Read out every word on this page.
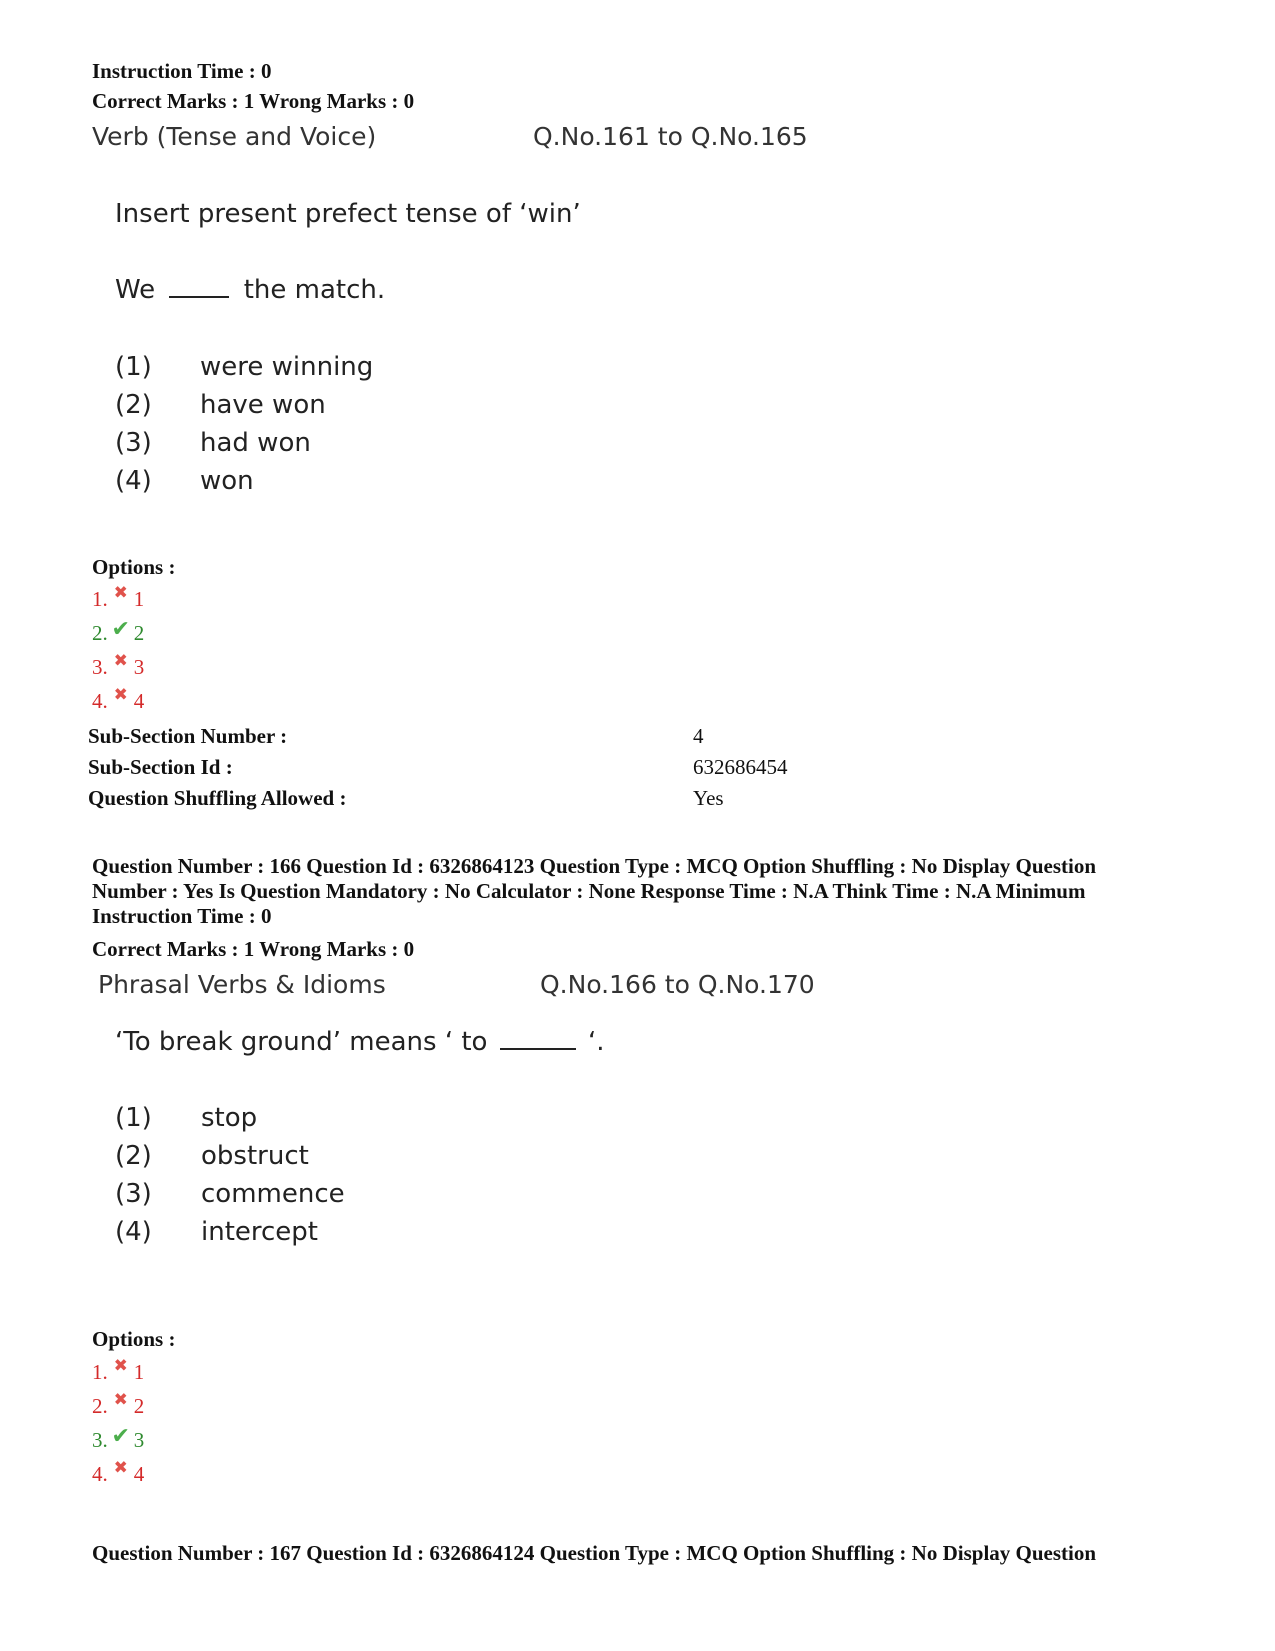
Instruction Time : 0
Correct Marks : 1 Wrong Marks : 0
Verb (Tense and Voice)	Q.No.161 to Q.No.165
Insert present prefect tense of ‘win’
We	the match.
(1) were winning
(2) have won
(3) had won
(4) won
Options :
1. ✖ 1
2. ✔ 2
3. ✖ 3
4. ✖ 4
Sub-Section Number :	4
Sub-Section Id :	632686454
Question Shuffling Allowed :	Yes
Question Number : 166 Question Id : 6326864123 Question Type : MCQ Option Shuffling : No Display Question Number : Yes Is Question Mandatory : No Calculator : None Response Time : N.A Think Time : N.A Minimum Instruction Time : 0
Correct Marks : 1 Wrong Marks : 0
Phrasal Verbs & Idioms	Q.No.166 to Q.No.170
‘To break ground’ means ‘ to	‘.
(1) stop
(2) obstruct
(3) commence
(4) intercept
Options :
1. ✖ 1
2. ✖ 2
3. ✔ 3
4. ✖ 4
Question Number : 167 Question Id : 6326864124 Question Type : MCQ Option Shuffling : No Display Question
